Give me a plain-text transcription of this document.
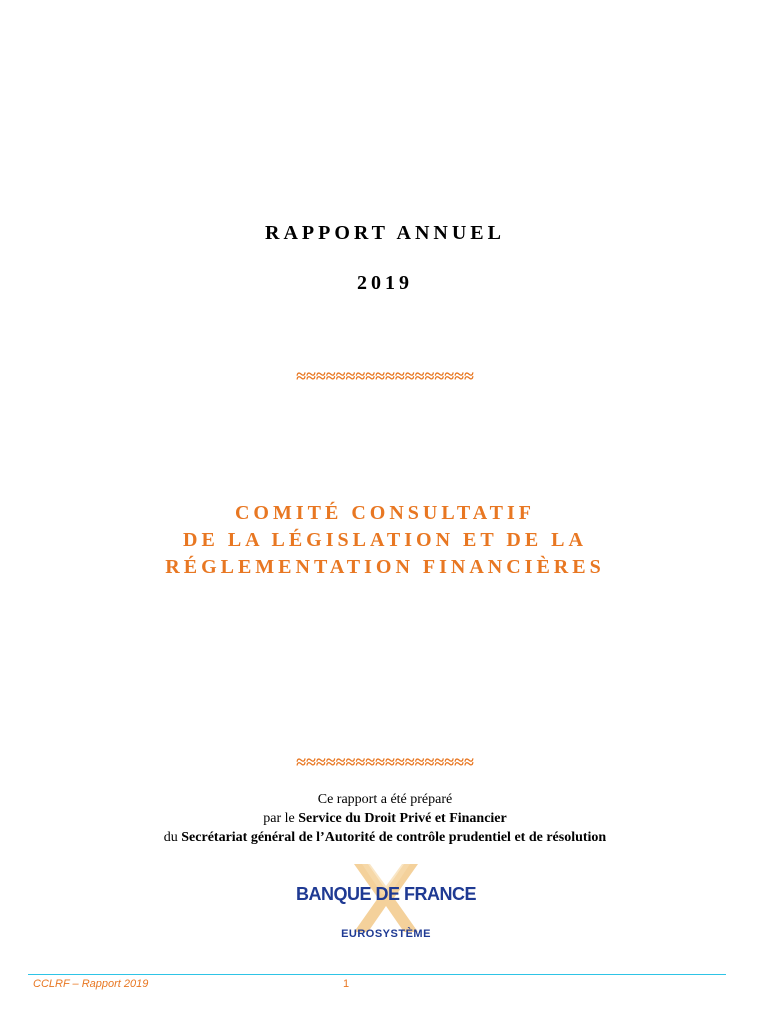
RAPPORT ANNUEL
2019
≈≈≈≈≈≈≈≈≈≈≈≈≈≈≈≈≈≈
COMITÉ CONSULTATIF
DE LA LÉGISLATION ET DE LA
RÉGLEMENTATION FINANCIÈRES
≈≈≈≈≈≈≈≈≈≈≈≈≈≈≈≈≈≈
Ce rapport a été préparé
par le Service du Droit Privé et Financier
du Secrétariat général de l’Autorité de contrôle prudentiel et de résolution
BANQUE DE FRANCE
EUROSYSTÈME
CCLRF – Rapport 2019	1
